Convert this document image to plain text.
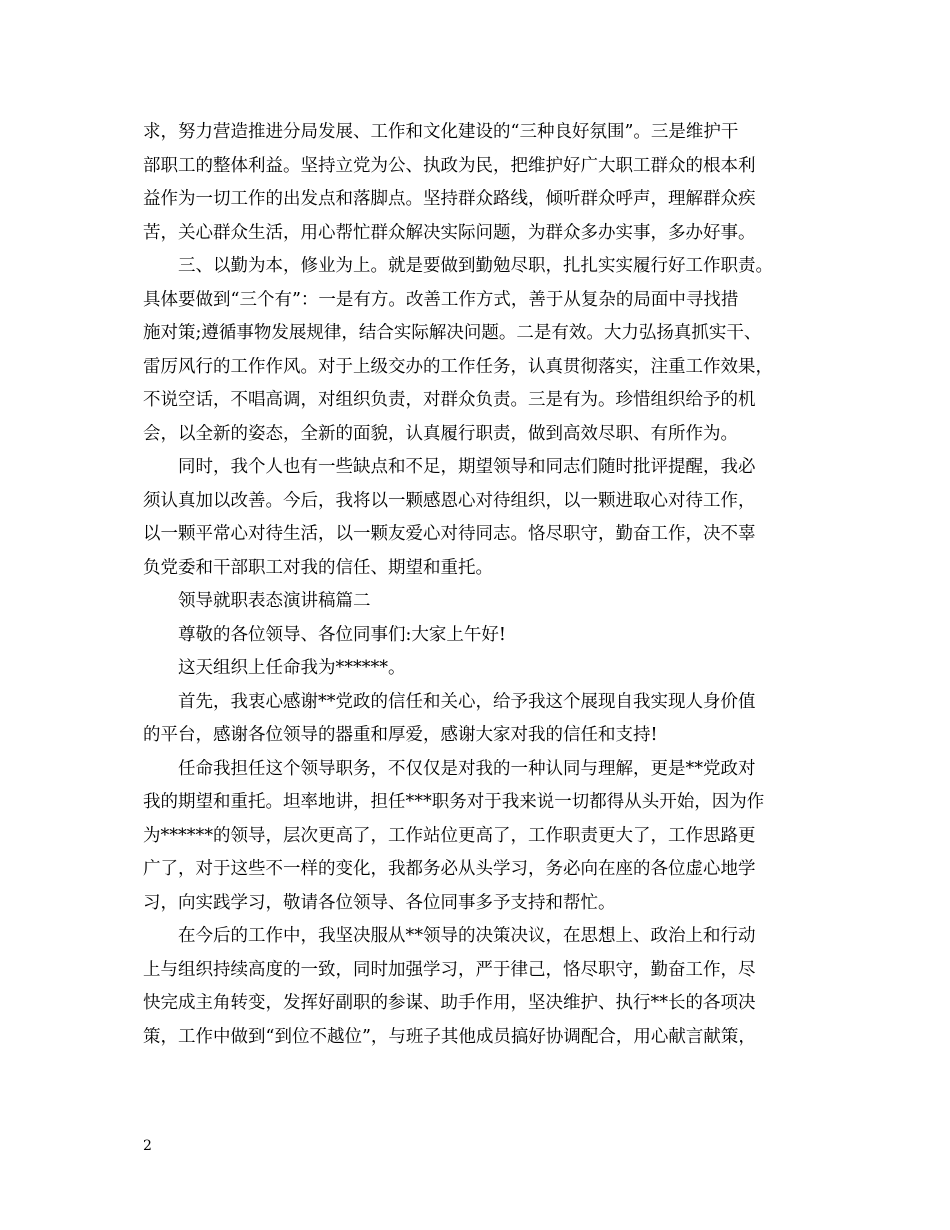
求，努力营造推进分局发展、工作和文化建设的“三种良好氛围”。三是维护干
部职工的整体利益。坚持立党为公、执政为民，把维护好广大职工群众的根本利
益作为一切工作的出发点和落脚点。坚持群众路线，倾听群众呼声，理解群众疾
苦，关心群众生活，用心帮忙群众解决实际问题，为群众多办实事，多办好事。
三、以勤为本，修业为上。就是要做到勤勉尽职，扎扎实实履行好工作职责。
具体要做到“三个有”：一是有方。改善工作方式，善于从复杂的局面中寻找措
施对策;遵循事物发展规律，结合实际解决问题。二是有效。大力弘扬真抓实干、
雷厉风行的工作作风。对于上级交办的工作任务，认真贯彻落实，注重工作效果，
不说空话，不唱高调，对组织负责，对群众负责。三是有为。珍惜组织给予的机
会，以全新的姿态，全新的面貌，认真履行职责，做到高效尽职、有所作为。
同时，我个人也有一些缺点和不足，期望领导和同志们随时批评提醒，我必
须认真加以改善。今后，我将以一颗感恩心对待组织，以一颗进取心对待工作，
以一颗平常心对待生活，以一颗友爱心对待同志。恪尽职守，勤奋工作，决不辜
负党委和干部职工对我的信任、期望和重托。
领导就职表态演讲稿篇二
尊敬的各位领导、各位同事们:大家上午好!
这天组织上任命我为******。
首先，我衷心感谢**党政的信任和关心，给予我这个展现自我实现人身价值
的平台，感谢各位领导的器重和厚爱，感谢大家对我的信任和支持!
任命我担任这个领导职务，不仅仅是对我的一种认同与理解，更是**党政对
我的期望和重托。坦率地讲，担任***职务对于我来说一切都得从头开始，因为作
为******的领导，层次更高了，工作站位更高了，工作职责更大了，工作思路更
广了，对于这些不一样的变化，我都务必从头学习，务必向在座的各位虚心地学
习，向实践学习，敬请各位领导、各位同事多予支持和帮忙。
在今后的工作中，我坚决服从**领导的决策决议，在思想上、政治上和行动
上与组织持续高度的一致，同时加强学习，严于律己，恪尽职守，勤奋工作，尽
快完成主角转变，发挥好副职的参谋、助手作用，坚决维护、执行**长的各项决
策，工作中做到“到位不越位”，与班子其他成员搞好协调配合，用心献言献策，
2
